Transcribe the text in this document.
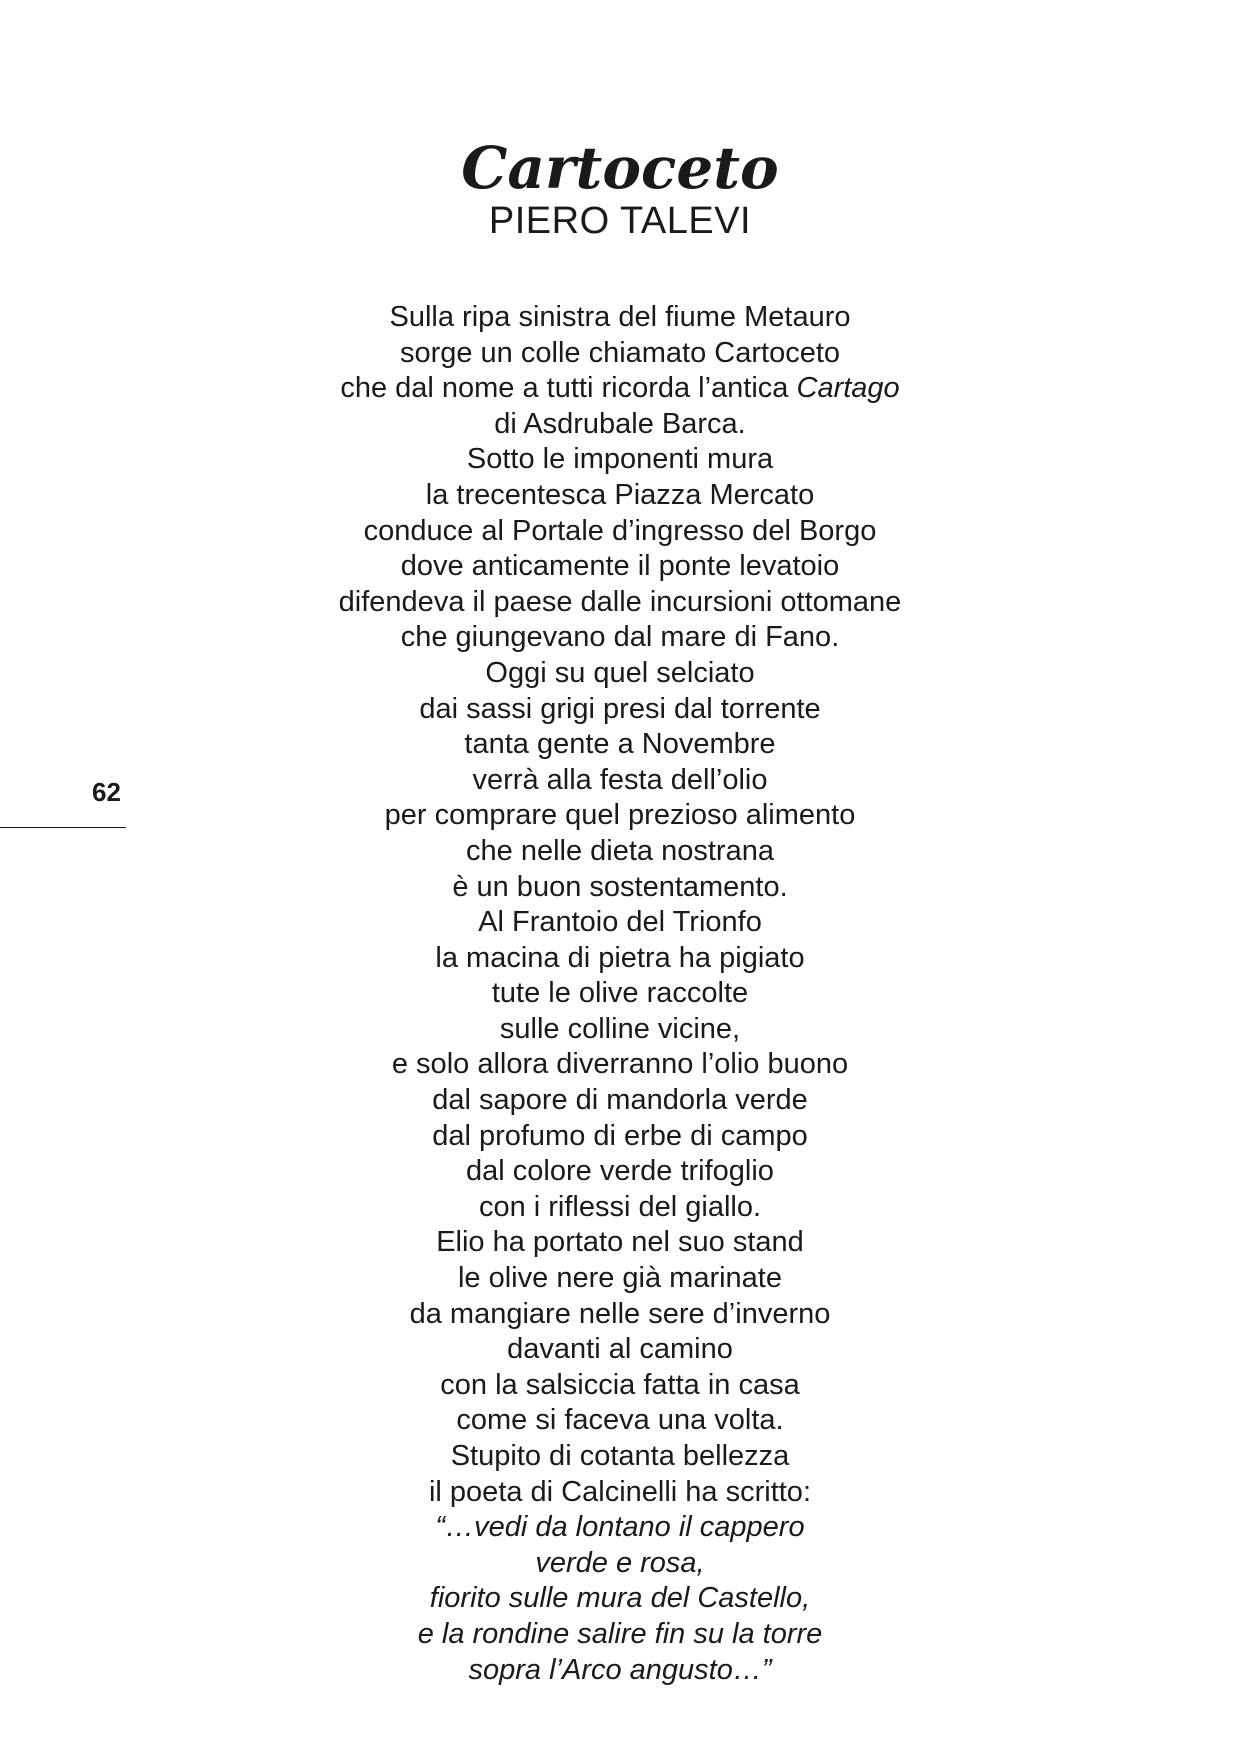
Cartoceto
PIERO TALEVI
Sulla ripa sinistra del fiume Metauro
sorge un colle chiamato Cartoceto
che dal nome a tutti ricorda l’antica Cartago
di Asdrubale Barca.
Sotto le imponenti mura
la trecentesca Piazza Mercato
conduce al Portale d’ingresso del Borgo
dove anticamente il ponte levatoio
difendeva il paese dalle incursioni ottomane
che giungevano dal mare di Fano.
Oggi su quel selciato
dai sassi grigi presi dal torrente
tanta gente a Novembre
verrà alla festa dell’olio
per comprare quel prezioso alimento
che nelle dieta nostrana
è un buon sostentamento.
Al Frantoio del Trionfo
la macina di pietra ha pigiato
tute le olive raccolte
sulle colline vicine,
e solo allora diverranno l’olio buono
dal sapore di mandorla verde
dal profumo di erbe di campo
dal colore verde trifoglio
con i riflessi del giallo.
Elio ha portato nel suo stand
le olive nere già marinate
da mangiare nelle sere d’inverno
davanti al camino
con la salsiccia fatta in casa
come si faceva una volta.
Stupito di cotanta bellezza
il poeta di Calcinelli ha scritto:
“…vedi da lontano il cappero
verde e rosa,
fiorito sulle mura del Castello,
e la rondine salire fin su la torre
sopra l’Arco angusto…”
62
